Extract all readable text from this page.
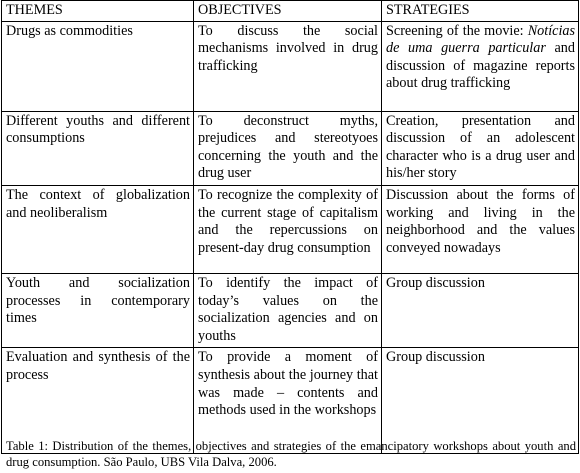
THEMES	OBJECTIVES	STRATEGIES
Drugs as commodities	To discuss the social mechanisms involved in drug trafficking	Screening of the movie: Notícias de uma guerra particular and discussion of magazine reports about drug trafficking
Different youths and different consumptions	To deconstruct myths, prejudices and stereotyoes concerning the youth and the drug user	Creation, presentation and discussion of an adolescent character who is a drug user and his/her story
The context of globalization and neoliberalism	To recognize the complexity of the current stage of capitalism and the repercussions on present-day drug consumption	Discussion about the forms of working and living in the neighborhood and the values conveyed nowadays
Youth and socialization processes in contemporary times	To identify the impact of today’s values on the socialization agencies and on youths	Group discussion
Evaluation and synthesis of the process	To provide a moment of synthesis about the journey that was made – contents and methods used in the workshops	Group discussion
Table 1: Distribution of the themes, objectives and strategies of the emancipatory workshops about youth and drug consumption. São Paulo, UBS Vila Dalva, 2006.
